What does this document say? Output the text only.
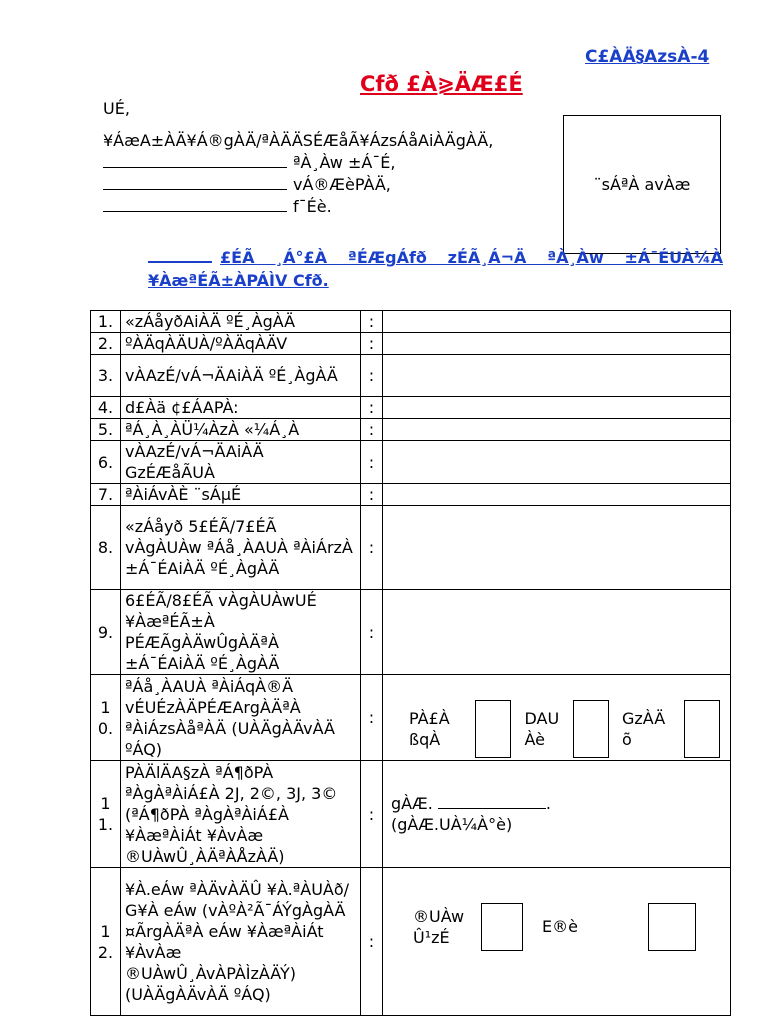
C£ÀÄ§AzsÀ-4
Cfð £À⪀ÄÆ£É
UÉ,
¥ÁæA±ÀÄ¥Á®gÀÄ/ªÀÄÄSÉÆåÃ¥ÁzsÁåAiÀÄgÀÄ,
ªÀ¸Àw ±Á¯É,
vÁ®ÆèPÀÄ,
f¯Éè.
¨sÁªÀ avÀæ
£ÉÃ ¸Á°£À ªÉÆgÁfð zÉÃ¸Á¬Ä ªÀ¸Àw ±Á¯ÉUÀ¼À
¥ÀæªÉÃ±ÀPÁÌV Cfð.
1.	«zÁåyðAiÀÄ ºÉ¸ÀgÀÄ	:	
2.	ºÀÄqÀÄUÀ/ºÀÄqÀÄV	:	
3.	vÀAzÉ/vÁ¬ÄAiÀÄ ºÉ¸ÀgÀÄ	:	
4.	d£Àä ¢£ÁAPÀ:	:	
5.	ªÁ¸À¸ÀÜ¼ÀzÀ «¼Á¸À	:	
6.	vÀAzÉ/vÁ¬ÄAiÀÄ GzÉÆåÃUÀ	:	
7.	ªÀiÁvÀÈ ¨sÁµÉ	:	
8.	«zÁåyð 5£ÉÃ/7£ÉÃ vÀgÀUÀw ªÁå¸ÀAUÀ ªÀiÁrzÀ ±Á¯ÉAiÀÄ ºÉ¸ÀgÀÄ	:	
9.	6£ÉÃ/8£ÉÃ vÀgÀUÀwUÉ ¥ÀæªÉÃ±À PÉÆÃgÀÄwÛgÀÄªÀ ±Á¯ÉAiÀÄ ºÉ¸ÀgÀÄ	:	
1 0.	ªÁå¸ÀAUÀ ªÀiÁqÀ®Ä vÉUÉzÀÄPÉÆArgÀÄªÀ ªÀiÁzsÀåªÀÄ (UÀÄgÀÄvÀÄ ºÁQ)	:	PÀ£À ßqÀ
DAU Àè
GzÀÄ õ

1 1.	PÀÄlÄA§zÀ ªÁ¶ðPÀ ªÀgÀªÀiÁ£À 2J, 2©, 3J, 3© (ªÁ¶ðPÀ ªÀgÀªÀiÁ£À ¥ÀæªÀiÁt ¥ÀvÀæ ®UÀwÛ¸ÀÄªÀÅzÀÄ)	:	gÀÆ. .
(gÀÆ.UÀ¼À°è)

1 2.	¥À.eÁw ªÀÄvÀÄÛ ¥À.ªÀUÀð/ G¥À eÁw (vÀºÀ²Ã¯ÁÝgÀgÀÄ ¤ÃrgÀÄªÀ eÁw ¥ÀæªÀiÁt ¥ÀvÀæ ®UÀwÛ¸ÀvÀPÀÌzÀÄÝ) (UÀÄgÀÄvÀÄ ºÁQ)	:	®UÀw Û¹zÉ
E®è
